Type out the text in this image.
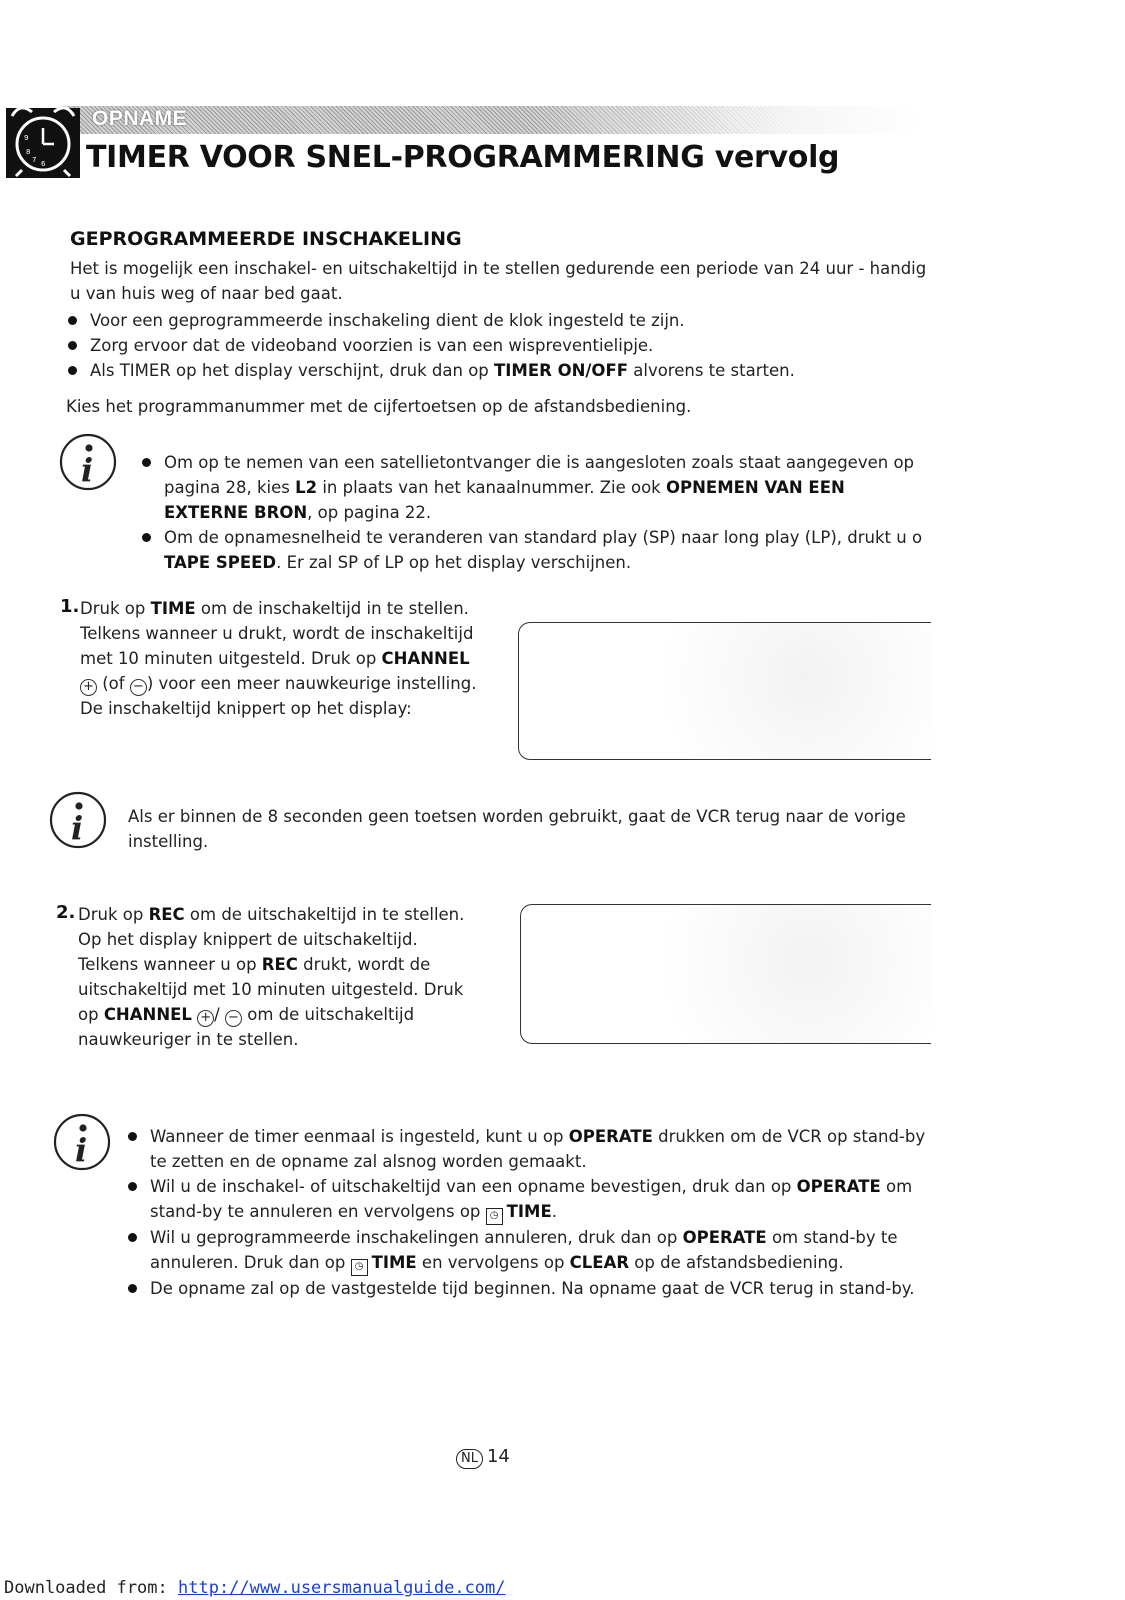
9
8
7 6
OPNAME
TIMER VOOR SNEL-PROGRAMMERING vervolg
GEPROGRAMMEERDE INSCHAKELING
Het is mogelijk een inschakel- en uitschakeltijd in te stellen gedurende een periode van 24 uur - handig u van huis weg of naar bed gaat.
Voor een geprogrammeerde inschakeling dient de klok ingesteld te zijn.
Zorg ervoor dat de videoband voorzien is van een wispreventielipje.
Als TIMER op het display verschijnt, druk dan op TIMER ON/OFF alvorens te starten.
Kies het programmanummer met de cijfertoetsen op de afstandsbediening.
i	Om op te nemen van een satellietontvanger die is aangesloten zoals staat aangegeven op pagina 28, kies L2 in plaats van het kanaalnummer. Zie ook OPNEMEN VAN EEN EXTERNE BRON, op pagina 22.
Om de opnamesnelheid te veranderen van standard play (SP) naar long play (LP), drukt u o TAPE SPEED. Er zal SP of LP op het display verschijnen.
1. Druk op TIME om de inschakeltijd in te stellen. Telkens wanneer u drukt, wordt de inschakeltijd met 10 minuten uitgesteld. Druk op CHANNEL + (of − ) voor een meer nauwkeurige instelling. De inschakeltijd knippert op het display:
i	Als er binnen de 8 seconden geen toetsen worden gebruikt, gaat de VCR terug naar de vorige instelling.
2. Druk op REC om de uitschakeltijd in te stellen. Op het display knippert de uitschakeltijd. Telkens wanneer u op REC drukt, wordt de uitschakeltijd met 10 minuten uitgesteld. Druk op CHANNEL + / − om de uitschakeltijd nauwkeuriger in te stellen.
i	Wanneer de timer eenmaal is ingesteld, kunt u op OPERATE drukken om de VCR op stand-by te zetten en de opname zal alsnog worden gemaakt.
Wil u de inschakel- of uitschakeltijd van een opname bevestigen, druk dan op OPERATE om stand-by te annuleren en vervolgens op ◷ TIME.
Wil u geprogrammeerde inschakelingen annuleren, druk dan op OPERATE om stand-by te annuleren. Druk dan op ◷ TIME en vervolgens op CLEAR op de afstandsbediening.
De opname zal op de vastgestelde tijd beginnen. Na opname gaat de VCR terug in stand-by.
NL 14
Downloaded from: http://www.usersmanualguide.com/
